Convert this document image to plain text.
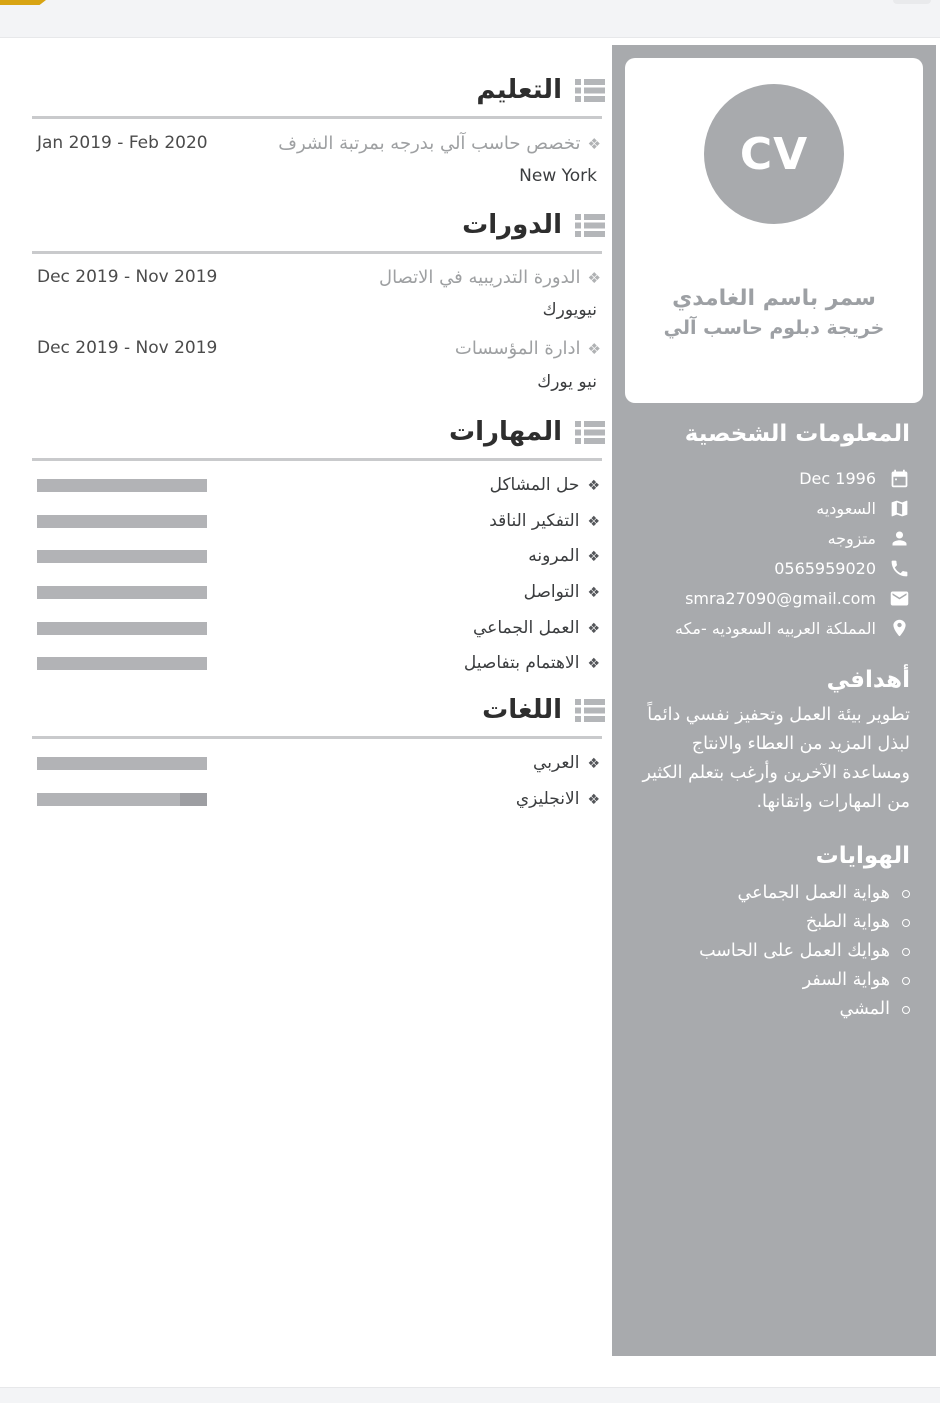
التعليم
Jan 2019 - Feb 2020	❖تخصص حاسب آلي بدرجه بمرتبة الشرف
New York
الدورات
Dec 2019 - Nov 2019	❖الدورة التدريبيه في الاتصال
نيويورك
Dec 2019 - Nov 2019	❖ادارة المؤسسات
نيو يورك
المهارات
❖حل المشاكل
❖التفكير الناقد
❖المرونه
❖التواصل
❖العمل الجماعي
❖الاهتمام بتفاصيل
اللغات
❖العربي
❖الانجليزي
CV
سمر باسم الغامدي
خريجة دبلوم حاسب آلي
المعلومات الشخصية
Dec 1996
السعوديه
متزوجه
0565959020
smra27090@gmail.com
المملكة العربيه السعوديه -مكه
أهدافي
تطوير بيئة العمل وتحفيز نفسي دائماً لبذل المزيد من العطاء والانتاج ومساعدة الآخرين وأرغب بتعلم الكثير من المهارات واتقانها.
الهوايات
هواية العمل الجماعي
هواية الطبخ
هوايك العمل على الحاسب
هواية السفر
المشي
